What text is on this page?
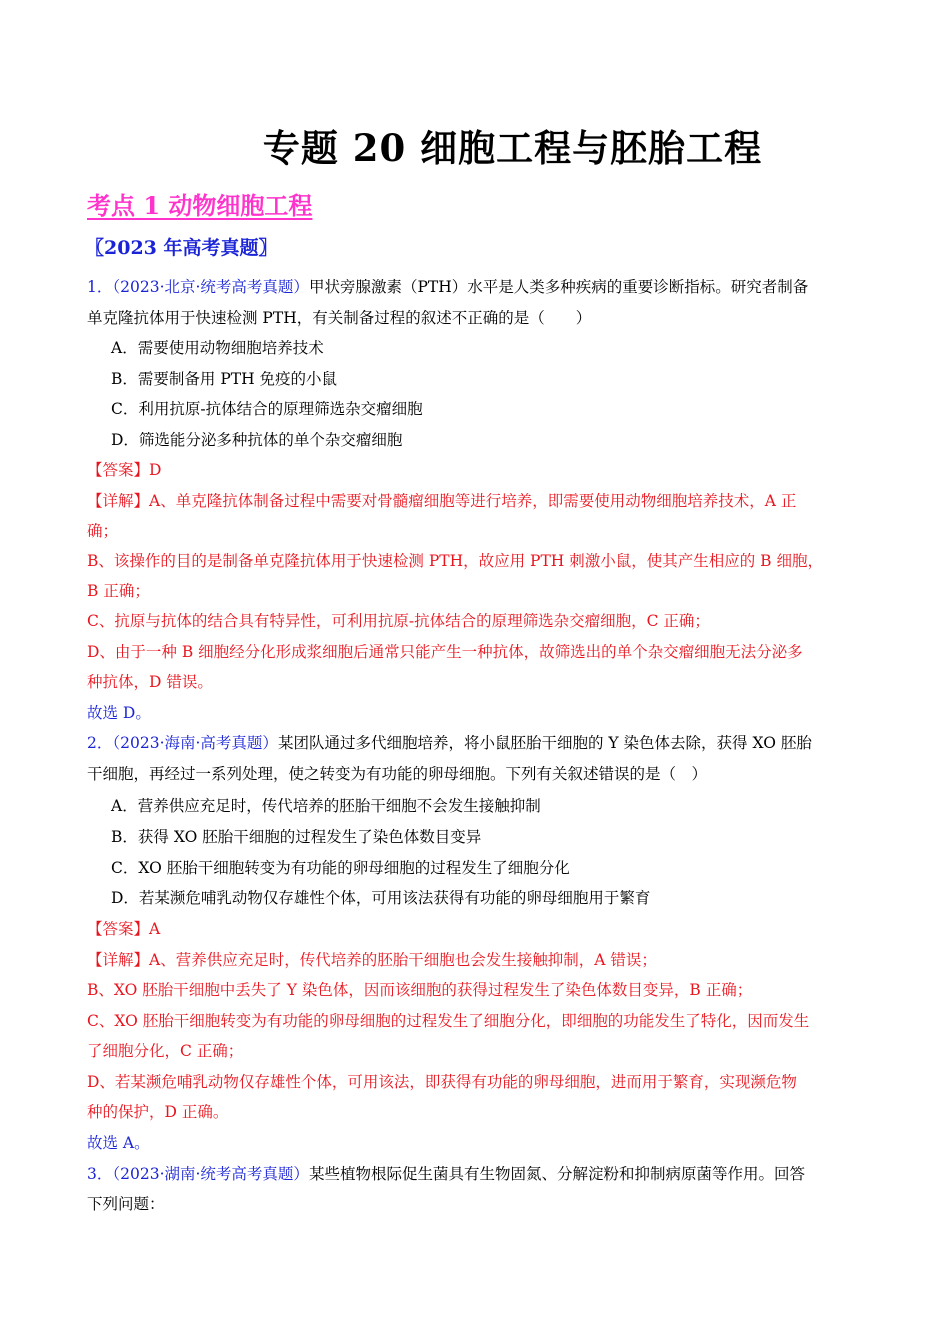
专题 20 细胞工程与胚胎工程
考点 1 动物细胞工程
〖2023 年高考真题〗
1．（2023·北京·统考高考真题）甲状旁腺激素（PTH）水平是人类多种疾病的重要诊断指标。研究者制备
单克隆抗体用于快速检测 PTH，有关制备过程的叙述不正确的是（　　）
A．需要使用动物细胞培养技术
B．需要制备用 PTH 免疫的小鼠
C．利用抗原-抗体结合的原理筛选杂交瘤细胞
D．筛选能分泌多种抗体的单个杂交瘤细胞
【答案】D
【详解】A、单克隆抗体制备过程中需要对骨髓瘤细胞等进行培养，即需要使用动物细胞培养技术，A 正
确；
B、该操作的目的是制备单克隆抗体用于快速检测 PTH，故应用 PTH 刺激小鼠，使其产生相应的 B 细胞，
B 正确；
C、抗原与抗体的结合具有特异性，可利用抗原-抗体结合的原理筛选杂交瘤细胞，C 正确；
D、由于一种 B 细胞经分化形成浆细胞后通常只能产生一种抗体，故筛选出的单个杂交瘤细胞无法分泌多
种抗体，D 错误。
故选 D。
2．（2023·海南·高考真题）某团队通过多代细胞培养，将小鼠胚胎干细胞的 Y 染色体去除，获得 XO 胚胎
干细胞，再经过一系列处理，使之转变为有功能的卵母细胞。下列有关叙述错误的是（　）
A．营养供应充足时，传代培养的胚胎干细胞不会发生接触抑制
B．获得 XO 胚胎干细胞的过程发生了染色体数目变异
C．XO 胚胎干细胞转变为有功能的卵母细胞的过程发生了细胞分化
D．若某濒危哺乳动物仅存雄性个体，可用该法获得有功能的卵母细胞用于繁育
【答案】A
【详解】A、营养供应充足时，传代培养的胚胎干细胞也会发生接触抑制，A 错误；
B、XO 胚胎干细胞中丢失了 Y 染色体，因而该细胞的获得过程发生了染色体数目变异，B 正确；
C、XO 胚胎干细胞转变为有功能的卵母细胞的过程发生了细胞分化，即细胞的功能发生了特化，因而发生
了细胞分化，C 正确；
D、若某濒危哺乳动物仅存雄性个体，可用该法，即获得有功能的卵母细胞，进而用于繁育，实现濒危物
种的保护，D 正确。
故选 A。
3．（2023·湖南·统考高考真题）某些植物根际促生菌具有生物固氮、分解淀粉和抑制病原菌等作用。回答
下列问题：
